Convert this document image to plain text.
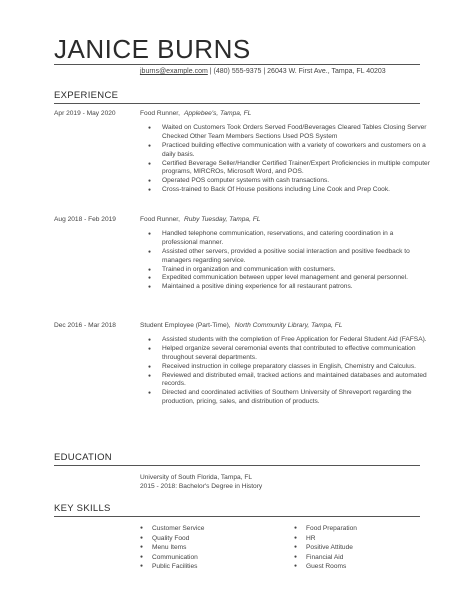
JANICE BURNS
jburns@example.com | (480) 555-9375 | 26043 W. First Ave., Tampa, FL 40203
EXPERIENCE
Apr 2019 - May 2020	Food Runner, Applebee's, Tampa, FL
● Waited on Customers Took Orders Served Food/Beverages Cleared Tables Closing Server Checked Other Team Members Sections Used POS System
● Practiced building effective communication with a variety of coworkers and customers on a daily basis.
● Certified Beverage Seller/Handler Certified Trainer/Expert Proficiencies in multiple computer programs, MIRCROs, Microsoft Word, and POS.
● Operated POS computer systems with cash transactions.
● Cross-trained to Back Of House positions including Line Cook and Prep Cook.
Aug 2018 - Feb 2019	Food Runner, Ruby Tuesday, Tampa, FL
● Handled telephone communication, reservations, and catering coordination in a professional manner.
● Assisted other servers, provided a positive social interaction and positive feedback to managers regarding service.
● Trained in organization and communication with costumers.
● Expedited communication between upper level management and general personnel.
● Maintained a positive dining experience for all restaurant patrons.
Dec 2016 - Mar 2018	Student Employee (Part-Time), North Community Library, Tampa, FL
● Assisted students with the completion of Free Application for Federal Student Aid (FAFSA).
● Helped organize several ceremonial events that contributed to effective communication throughout several departments.
● Received instruction in college preparatory classes in English, Chemistry and Calculus.
● Reviewed and distributed email, tracked actions and maintained databases and automated records.
● Directed and coordinated activities of Southern University of Shreveport regarding the production, pricing, sales, and distribution of products.
EDUCATION
University of South Florida, Tampa, FL
2015 - 2018: Bachelor's Degree in History
KEY SKILLS
● Customer Service
● Quality Food
● Menu Items
● Communication
● Public Facilities
● Food Preparation
● HR
● Positive Attitude
● Financial Aid
● Guest Rooms
